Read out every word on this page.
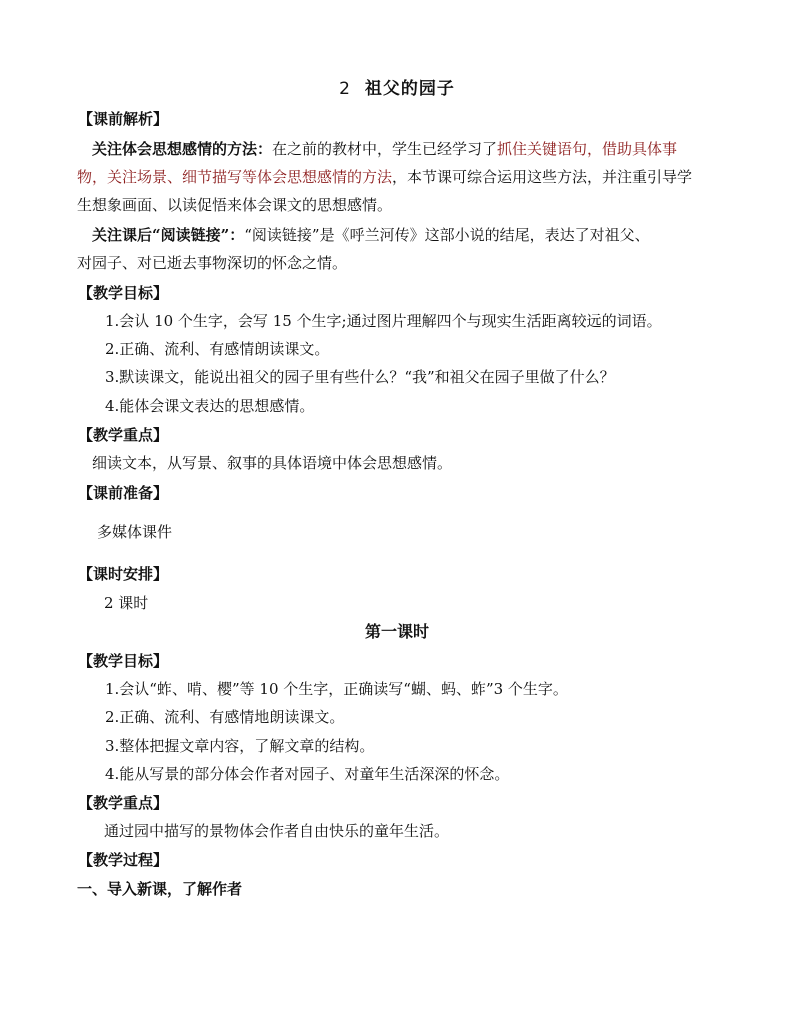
2 祖父的园子
【课前解析】
关注体会思想感情的方法：在之前的教材中，学生已经学习了抓住关键语句，借助具体事
物，关注场景、细节描写等体会思想感情的方法，本节课可综合运用这些方法，并注重引导学
生想象画面、以读促悟来体会课文的思想感情。
关注课后“阅读链接”：“阅读链接”是《呼兰河传》这部小说的结尾，表达了对祖父、
对园子、对已逝去事物深切的怀念之情。
【教学目标】
1.会认 10 个生字，会写 15 个生字;通过图片理解四个与现实生活距离较远的词语。
2.正确、流利、有感情朗读课文。
3.默读课文，能说出祖父的园子里有些什么？“我”和祖父在园子里做了什么？
4.能体会课文表达的思想感情。
【教学重点】
细读文本，从写景、叙事的具体语境中体会思想感情。
【课前准备】
多媒体课件
【课时安排】
2 课时
第一课时
【教学目标】
1.会认“蚱、啃、樱”等 10 个生字，正确读写“蝴、蚂、蚱”3 个生字。
2.正确、流利、有感情地朗读课文。
3.整体把握文章内容，了解文章的结构。
4.能从写景的部分体会作者对园子、对童年生活深深的怀念。
【教学重点】
通过园中描写的景物体会作者自由快乐的童年生活。
【教学过程】
一、导入新课，了解作者
